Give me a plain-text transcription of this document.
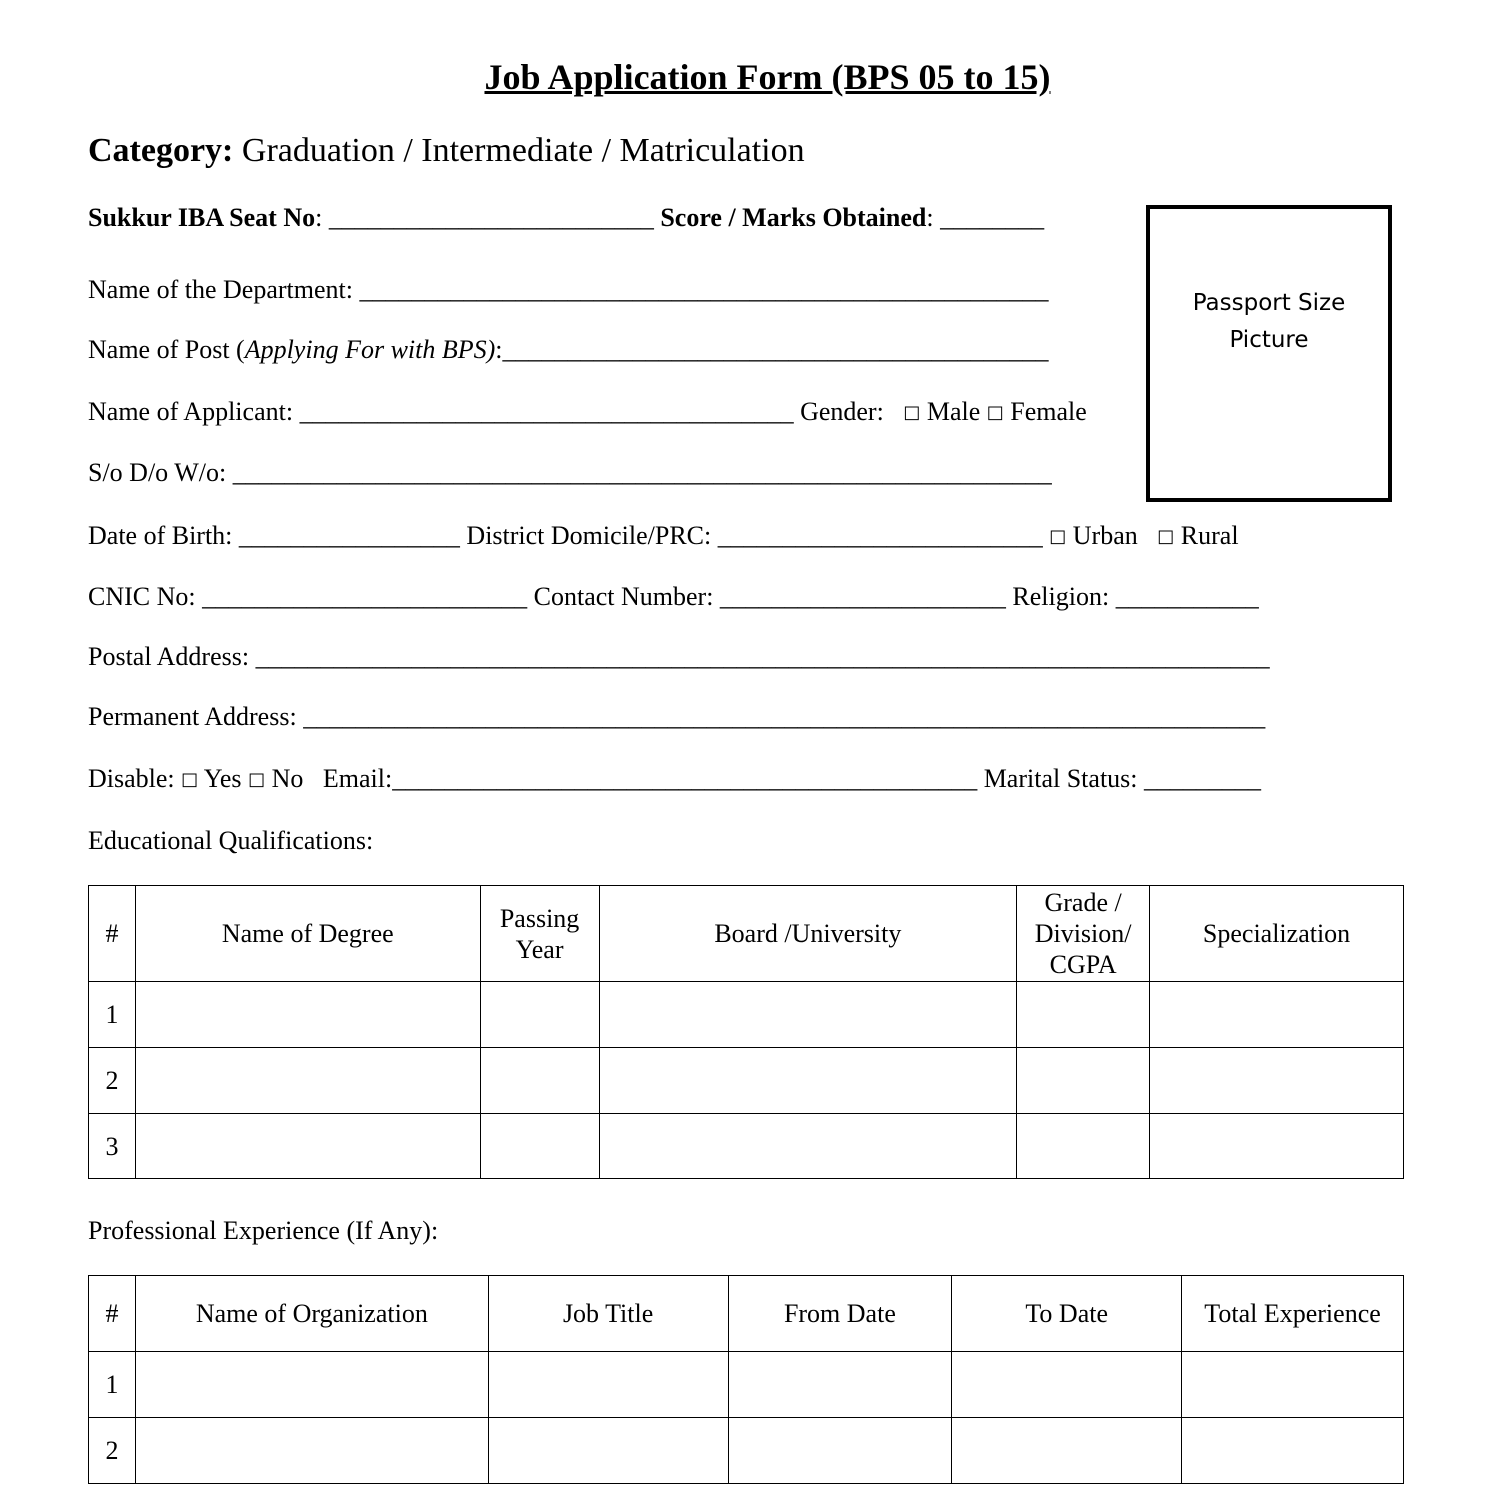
Job Application Form (BPS 05 to 15)
Category: Graduation / Intermediate / Matriculation
Sukkur IBA Seat No: _________________________ Score / Marks Obtained: ________
Name of the Department: _____________________________________________________
Name of Post (Applying For with BPS):__________________________________________
Name of Applicant: ______________________________________ Gender: □ Male □ Female
S/o D/o W/o: _______________________________________________________________
Passport Size Picture
Date of Birth: _________________ District Domicile/PRC: _________________________ □ Urban □ Rural
CNIC No: _________________________ Contact Number: ______________________ Religion: ___________
Postal Address: ______________________________________________________________________________
Permanent Address: __________________________________________________________________________
Disable: □ Yes □ No Email:_____________________________________________ Marital Status: _________
Educational Qualifications:
#	Name of Degree	Passing Year	Board /University	Grade / Division/ CGPA	Specialization
1					
2					
3					
Professional Experience (If Any):
#	Name of Organization	Job Title	From Date	To Date	Total Experience
1					
2					
